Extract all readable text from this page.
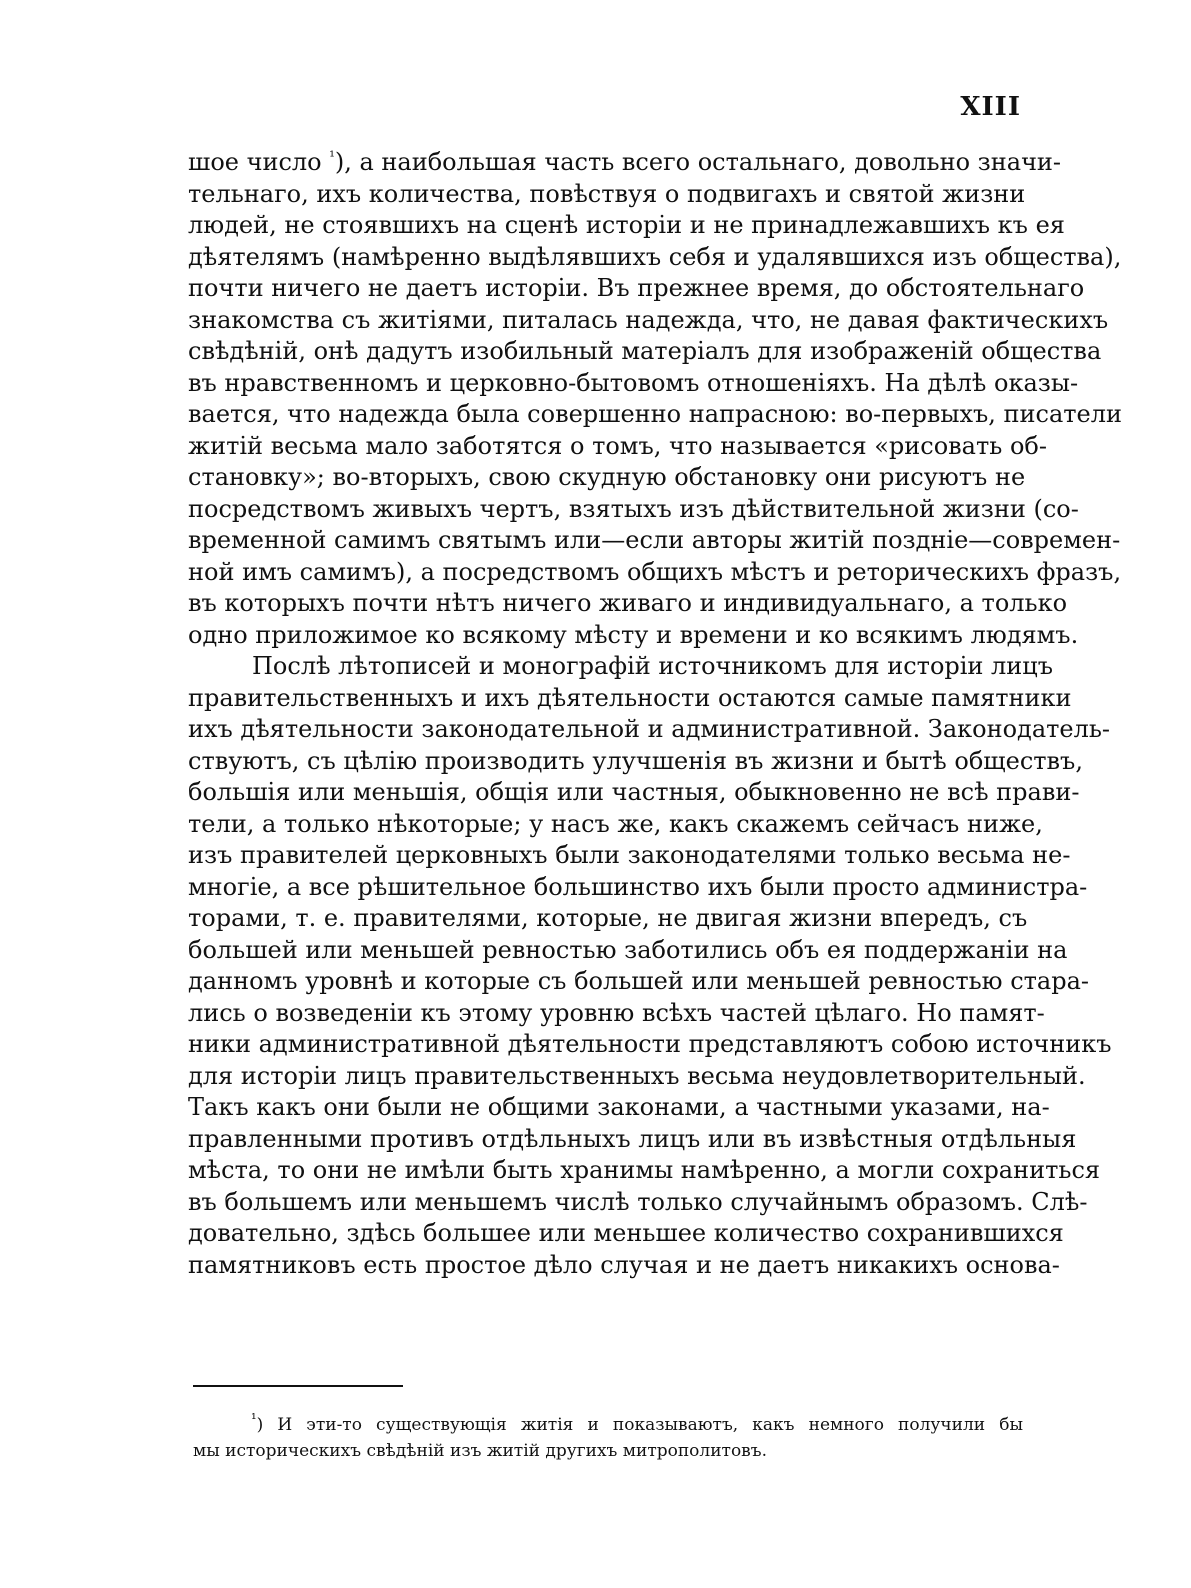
XIII
шое число $^{^1}$), а наибольшая часть всего остальнаго, довольно значи-
тельнаго, ихъ количества, повѣствуя о подвигахъ и святой жизни
людей, не стоявшихъ на сценѣ исторіи и не принадлежавшихъ къ ея
дѣятелямъ (намѣренно выдѣлявшихъ себя и удалявшихся изъ общества),
почти ничего не даетъ исторіи. Въ прежнее время, до обстоятельнаго
знакомства съ житіями, питалась надежда, что, не давая фактическихъ
свѣдѣній, онѣ дадутъ изобильный матеріалъ для изображеній общества
въ нравственномъ и церковно-бытовомъ отношеніяхъ. На дѣлѣ оказы-
вается, что надежда была совершенно напрасною: во-первыхъ, писатели
житій весьма мало заботятся о томъ, что называется «рисовать об-
становку»; во-вторыхъ, свою скудную обстановку они рисуютъ не
посредствомъ живыхъ чертъ, взятыхъ изъ дѣйствительной жизни (со-
временной самимъ святымъ или—если авторы житій поздніе—современ-
ной имъ самимъ), а посредствомъ общихъ мѣстъ и реторическихъ фразъ,
въ которыхъ почти нѣтъ ничего живаго и индивидуальнаго, а только
одно приложимое ко всякому мѣсту и времени и ко всякимъ людямъ.
Послѣ лѣтописей и монографій источникомъ для исторіи лицъ
правительственныхъ и ихъ дѣятельности остаются самые памятники
ихъ дѣятельности законодательной и административной. Законодатель-
ствуютъ, съ цѣлію производить улучшенія въ жизни и бытѣ обществъ,
большія или меньшія, общія или частныя, обыкновенно не всѣ прави-
тели, а только нѣкоторые; у насъ же, какъ скажемъ сейчасъ ниже,
изъ правителей церковныхъ были законодателями только весьма не-
многіе, а все рѣшительное большинство ихъ были просто администра-
торами, т. е. правителями, которые, не двигая жизни впередъ, съ
большей или меньшей ревностью заботились объ ея поддержаніи на
данномъ уровнѣ и которые съ большей или меньшей ревностью стара-
лись о возведеніи къ этому уровню всѣхъ частей цѣлаго. Но памят-
ники административной дѣятельности представляютъ собою источникъ
для исторіи лицъ правительственныхъ весьма неудовлетворительный.
Такъ какъ они были не общими законами, а частными указами, на-
правленными противъ отдѣльныхъ лицъ или въ извѣстныя отдѣльныя
мѣста, то они не имѣли быть хранимы намѣренно, а могли сохраниться
въ большемъ или меньшемъ числѣ только случайнымъ образомъ. Слѣ-
довательно, здѣсь большее или меньшее количество сохранившихся
памятниковъ есть простое дѣло случая и не даетъ никакихъ основа-
$^{^1}$) И эти-то существующія житія и показываютъ, какъ немного получили бы
мы историческихъ свѣдѣній изъ житій другихъ митрополитовъ.
